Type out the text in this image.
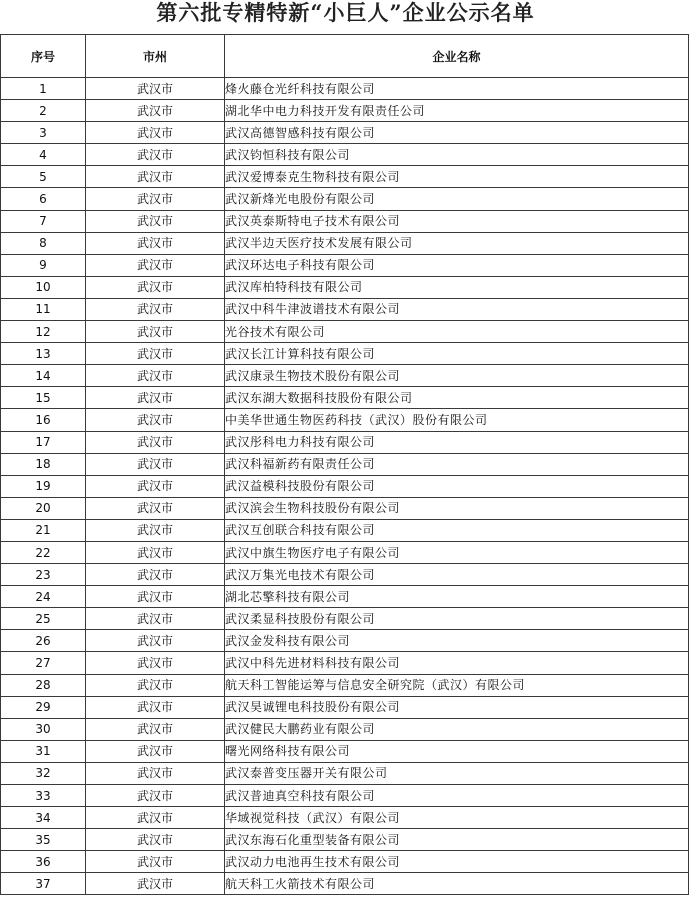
第六批专精特新“小巨人”企业公示名单
序号	市州	企业名称
1	武汉市	烽火藤仓光纤科技有限公司
2	武汉市	湖北华中电力科技开发有限责任公司
3	武汉市	武汉高德智感科技有限公司
4	武汉市	武汉钧恒科技有限公司
5	武汉市	武汉爱博泰克生物科技有限公司
6	武汉市	武汉新烽光电股份有限公司
7	武汉市	武汉英泰斯特电子技术有限公司
8	武汉市	武汉半边天医疗技术发展有限公司
9	武汉市	武汉环达电子科技有限公司
10	武汉市	武汉库柏特科技有限公司
11	武汉市	武汉中科牛津波谱技术有限公司
12	武汉市	光谷技术有限公司
13	武汉市	武汉长江计算科技有限公司
14	武汉市	武汉康录生物技术股份有限公司
15	武汉市	武汉东湖大数据科技股份有限公司
16	武汉市	中美华世通生物医药科技（武汉）股份有限公司
17	武汉市	武汉彤科电力科技有限公司
18	武汉市	武汉科福新药有限责任公司
19	武汉市	武汉益模科技股份有限公司
20	武汉市	武汉滨会生物科技股份有限公司
21	武汉市	武汉互创联合科技有限公司
22	武汉市	武汉中旗生物医疗电子有限公司
23	武汉市	武汉万集光电技术有限公司
24	武汉市	湖北芯擎科技有限公司
25	武汉市	武汉柔显科技股份有限公司
26	武汉市	武汉金发科技有限公司
27	武汉市	武汉中科先进材料科技有限公司
28	武汉市	航天科工智能运筹与信息安全研究院（武汉）有限公司
29	武汉市	武汉昊诚锂电科技股份有限公司
30	武汉市	武汉健民大鹏药业有限公司
31	武汉市	曙光网络科技有限公司
32	武汉市	武汉泰普变压器开关有限公司
33	武汉市	武汉普迪真空科技有限公司
34	武汉市	华域视觉科技（武汉）有限公司
35	武汉市	武汉东海石化重型装备有限公司
36	武汉市	武汉动力电池再生技术有限公司
37	武汉市	航天科工火箭技术有限公司
